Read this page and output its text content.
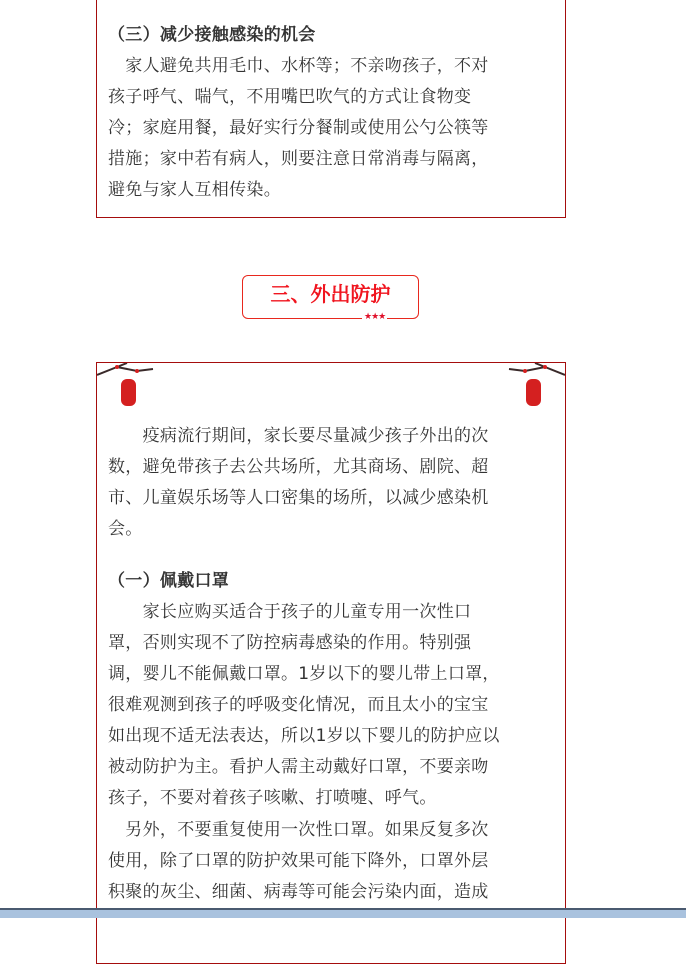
（三）减少接触感染的机会
　家人避免共用毛巾、水杯等；不亲吻孩子，不对
孩子呼气、喘气，不用嘴巴吹气的方式让食物变
冷；家庭用餐，最好实行分餐制或使用公勺公筷等
措施；家中若有病人，则要注意日常消毒与隔离，
避免与家人互相传染。
三、外出防护
★★★
　　疫病流行期间，家长要尽量减少孩子外出的次
数，避免带孩子去公共场所，尤其商场、剧院、超
市、儿童娱乐场等人口密集的场所，以减少感染机
会。
（一）佩戴口罩
　　家长应购买适合于孩子的儿童专用一次性口
罩，否则实现不了防控病毒感染的作用。特别强
调，婴儿不能佩戴口罩。1岁以下的婴儿带上口罩，
很难观测到孩子的呼吸变化情况，而且太小的宝宝
如出现不适无法表达，所以1岁以下婴儿的防护应以
被动防护为主。看护人需主动戴好口罩，不要亲吻
孩子，不要对着孩子咳嗽、打喷嚏、呼气。
　另外，不要重复使用一次性口罩。如果反复多次
使用，除了口罩的防护效果可能下降外，口罩外层
积聚的灰尘、细菌、病毒等可能会污染内面，造成
